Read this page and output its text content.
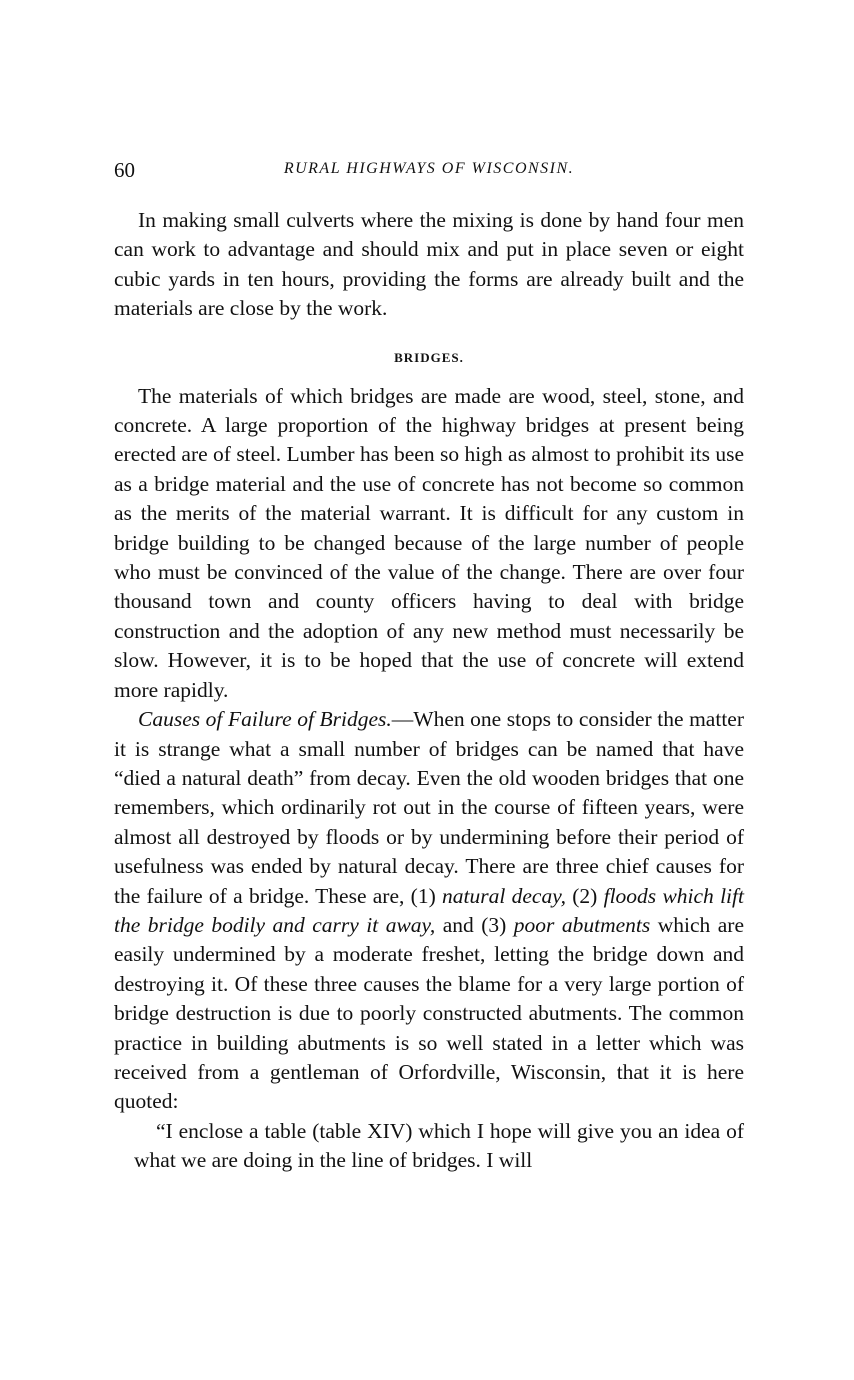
60	RURAL HIGHWAYS OF WISCONSIN.

In making small culverts where the mixing is done by hand four men can work to advantage and should mix and put in place seven or eight cubic yards in ten hours, providing the forms are already built and the materials are close by the work.

BRIDGES.

The materials of which bridges are made are wood, steel, stone, and concrete. A large proportion of the highway bridges at present being erected are of steel. Lumber has been so high as almost to prohibit its use as a bridge material and the use of concrete has not become so common as the merits of the material warrant. It is difficult for any custom in bridge building to be changed because of the large number of people who must be convinced of the value of the change. There are over four thousand town and county officers having to deal with bridge construction and the adoption of any new method must necessarily be slow. However, it is to be hoped that the use of concrete will extend more rapidly.

Causes of Failure of Bridges.—When one stops to consider the matter it is strange what a small number of bridges can be named that have “died a natural death” from decay. Even the old wooden bridges that one remembers, which ordinarily rot out in the course of fifteen years, were almost all destroyed by floods or by undermining before their period of usefulness was ended by natural decay. There are three chief causes for the failure of a bridge. These are, (1) natural decay, (2) floods which lift the bridge bodily and carry it away, and (3) poor abutments which are easily undermined by a moderate freshet, letting the bridge down and destroying it. Of these three causes the blame for a very large portion of bridge destruction is due to poorly constructed abutments. The common practice in building abutments is so well stated in a letter which was received from a gentleman of Orfordville, Wisconsin, that it is here quoted:

“I enclose a table (table XIV) which I hope will give you an idea of what we are doing in the line of bridges. I will
